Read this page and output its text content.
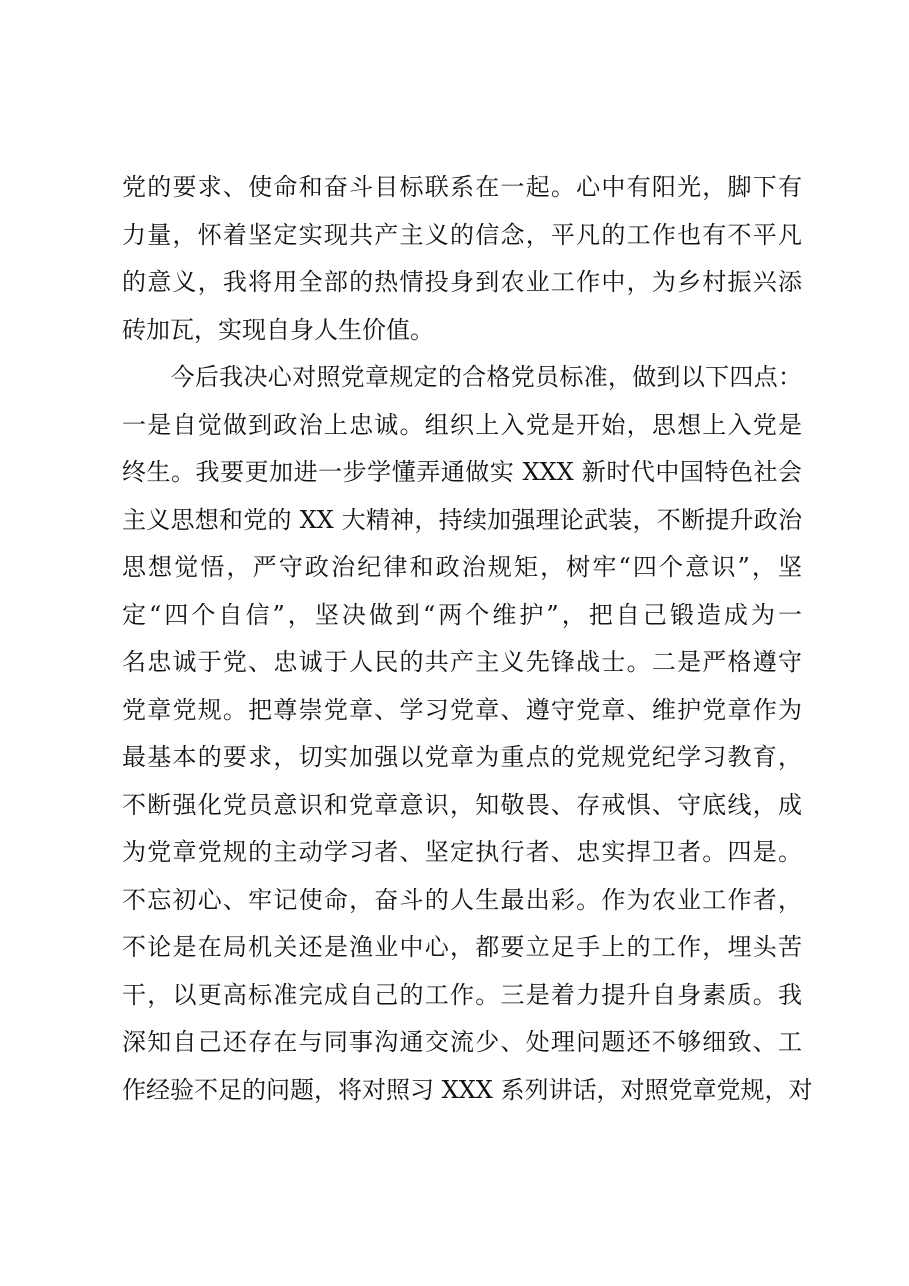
党的要求、使命和奋斗目标联系在一起。心中有阳光，脚下有
力量，怀着坚定实现共产主义的信念，平凡的工作也有不平凡
的意义，我将用全部的热情投身到农业工作中，为乡村振兴添
砖加瓦，实现自身人生价值。
　　今后我决心对照党章规定的合格党员标准，做到以下四点：
一是自觉做到政治上忠诚。组织上入党是开始，思想上入党是
终生。我要更加进一步学懂弄通做实 XXX 新时代中国特色社会
主义思想和党的 XX 大精神，持续加强理论武装，不断提升政治
思想觉悟，严守政治纪律和政治规矩，树牢“四个意识”，坚
定“四个自信”，坚决做到“两个维护”，把自己锻造成为一
名忠诚于党、忠诚于人民的共产主义先锋战士。二是严格遵守
党章党规。把尊崇党章、学习党章、遵守党章、维护党章作为
最基本的要求，切实加强以党章为重点的党规党纪学习教育，
不断强化党员意识和党章意识，知敬畏、存戒惧、守底线，成
为党章党规的主动学习者、坚定执行者、忠实捍卫者。四是。
不忘初心、牢记使命，奋斗的人生最出彩。作为农业工作者，
不论是在局机关还是渔业中心，都要立足手上的工作，埋头苦
干，以更高标准完成自己的工作。三是着力提升自身素质。我
深知自己还存在与同事沟通交流少、处理问题还不够细致、工
作经验不足的问题，将对照习 XXX 系列讲话，对照党章党规，对
